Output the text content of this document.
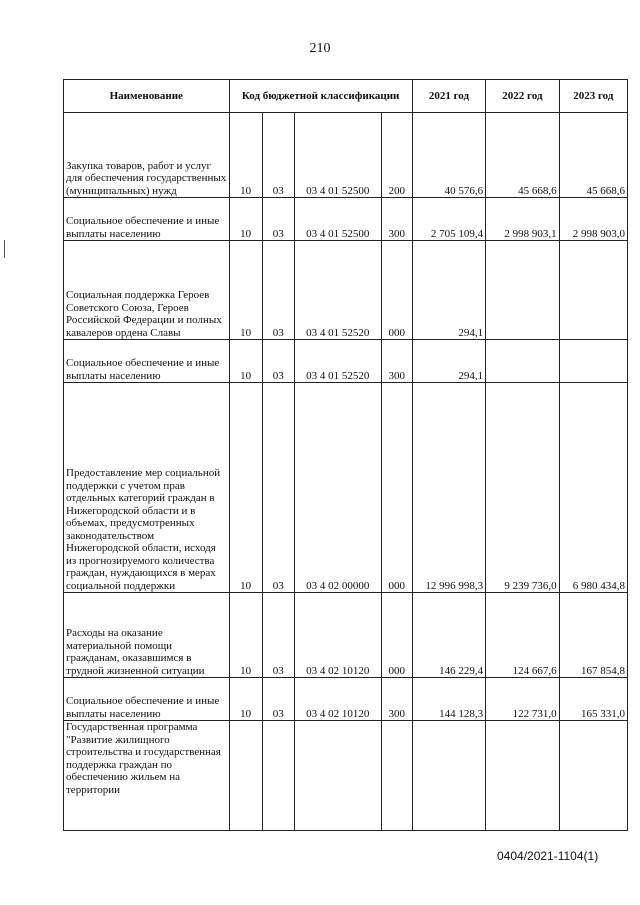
210
Наименование	Код бюджетной классификации				2021 год	2022 год	2023 год
Закупка товаров, работ и услуг для обеспечения государственных (муниципальных) нужд	10	03	03 4 01 52500	200	40 576,6	45 668,6	45 668,6
Социальное обеспечение и иные выплаты населению	10	03	03 4 01 52500	300	2 705 109,4	2 998 903,1	2 998 903,0
Социальная поддержка Героев Советского Союза, Героев Российской Федерации и полных кавалеров ордена Славы	10	03	03 4 01 52520	000	294,1		
Социальное обеспечение и иные выплаты населению	10	03	03 4 01 52520	300	294,1		
Предоставление мер социальной поддержки с учетом прав отдельных категорий граждан в Нижегородской области и в объемах, предусмотренных законодательством Нижегородской области, исходя из прогнозируемого количества граждан, нуждающихся в мерах социальной поддержки	10	03	03 4 02 00000	000	12 996 998,3	9 239 736,0	6 980 434,8
Расходы на оказание материальной помощи гражданам, оказавшимся в трудной жизненной ситуации	10	03	03 4 02 10120	000	146 229,4	124 667,6	167 854,8
Социальное обеспечение и иные выплаты населению	10	03	03 4 02 10120	300	144 128,3	122 731,0	165 331,0
Государственная программа "Развитие жилищного строительства и государственная поддержка граждан по обеспечению жильем на территории							
0404/2021-1104(1)
